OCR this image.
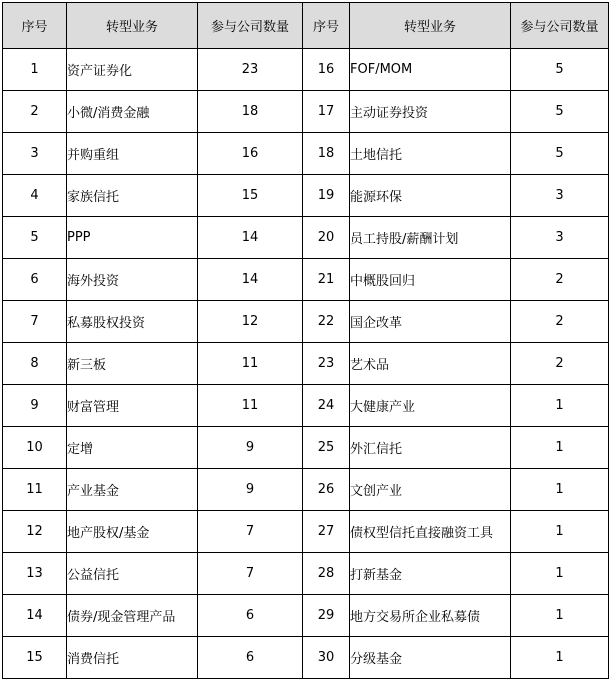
序号	转型业务	参与公司数量	序号	转型业务	参与公司数量
1	资产证券化	23	16	FOF/MOM	5
2	小微/消费金融	18	17	主动证券投资	5
3	并购重组	16	18	土地信托	5
4	家族信托	15	19	能源环保	3
5	PPP	14	20	员工持股/薪酬计划	3
6	海外投资	14	21	中概股回归	2
7	私募股权投资	12	22	国企改革	2
8	新三板	11	23	艺术品	2
9	财富管理	11	24	大健康产业	1
10	定增	9	25	外汇信托	1
11	产业基金	9	26	文创产业	1
12	地产股权/基金	7	27	债权型信托直接融资工具	1
13	公益信托	7	28	打新基金	1
14	债券/现金管理产品	6	29	地方交易所企业私募债	1
15	消费信托	6	30	分级基金	1
